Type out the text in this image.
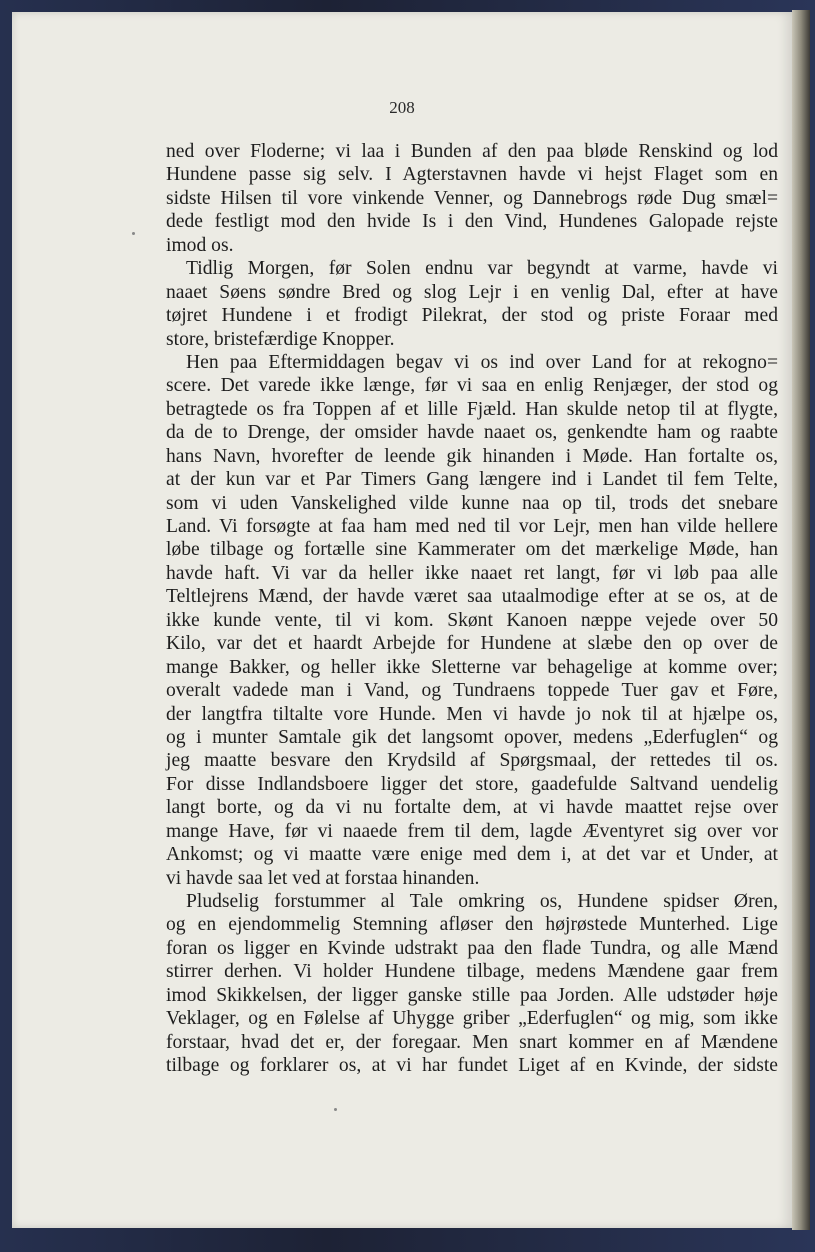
208
ned over Floderne; vi laa i Bunden af den paa bløde Renskind og lod
Hundene passe sig selv. I Agterstavnen havde vi hejst Flaget som en
sidste Hilsen til vore vinkende Venner, og Dannebrogs røde Dug smæl=
dede festligt mod den hvide Is i den Vind, Hundenes Galopade rejste
imod os.
Tidlig Morgen, før Solen endnu var begyndt at varme, havde vi
naaet Søens søndre Bred og slog Lejr i en venlig Dal, efter at have
tøjret Hundene i et frodigt Pilekrat, der stod og priste Foraar med
store, bristefærdige Knopper.
Hen paa Eftermiddagen begav vi os ind over Land for at rekogno=
scere. Det varede ikke længe, før vi saa en enlig Renjæger, der stod og
betragtede os fra Toppen af et lille Fjæld. Han skulde netop til at flygte,
da de to Drenge, der omsider havde naaet os, genkendte ham og raabte
hans Navn, hvorefter de leende gik hinanden i Møde. Han fortalte os,
at der kun var et Par Timers Gang længere ind i Landet til fem Telte,
som vi uden Vanskelighed vilde kunne naa op til, trods det snebare
Land. Vi forsøgte at faa ham med ned til vor Lejr, men han vilde hellere
løbe tilbage og fortælle sine Kammerater om det mærkelige Møde, han
havde haft. Vi var da heller ikke naaet ret langt, før vi løb paa alle
Teltlejrens Mænd, der havde været saa utaalmodige efter at se os, at de
ikke kunde vente, til vi kom. Skønt Kanoen næppe vejede over 50
Kilo, var det et haardt Arbejde for Hundene at slæbe den op over de
mange Bakker, og heller ikke Sletterne var behagelige at komme over;
overalt vadede man i Vand, og Tundraens toppede Tuer gav et Føre,
der langtfra tiltalte vore Hunde. Men vi havde jo nok til at hjælpe os,
og i munter Samtale gik det langsomt opover, medens „Ederfuglen“ og
jeg maatte besvare den Krydsild af Spørgsmaal, der rettedes til os.
For disse Indlandsboere ligger det store, gaadefulde Saltvand uendelig
langt borte, og da vi nu fortalte dem, at vi havde maattet rejse over
mange Have, før vi naaede frem til dem, lagde Æventyret sig over vor
Ankomst; og vi maatte være enige med dem i, at det var et Under, at
vi havde saa let ved at forstaa hinanden.
Pludselig forstummer al Tale omkring os, Hundene spidser Øren,
og en ejendommelig Stemning afløser den højrøstede Munterhed. Lige
foran os ligger en Kvinde udstrakt paa den flade Tundra, og alle Mænd
stirrer derhen. Vi holder Hundene tilbage, medens Mændene gaar frem
imod Skikkelsen, der ligger ganske stille paa Jorden. Alle udstøder høje
Veklager, og en Følelse af Uhygge griber „Ederfuglen“ og mig, som ikke
forstaar, hvad det er, der foregaar. Men snart kommer en af Mændene
tilbage og forklarer os, at vi har fundet Liget af en Kvinde, der sidste
